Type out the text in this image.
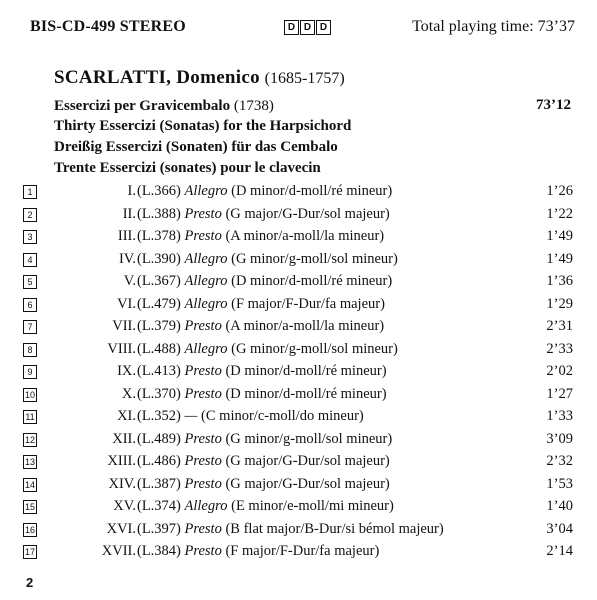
BIS-CD-499 STEREO	D D D	Total playing time: 73’37
SCARLATTI, Domenico (1685-1757)
Essercizi per Gravicembalo (1738)	73’12
Thirty Essercizi (Sonatas) for the Harpsichord
Dreißig Essercizi (Sonaten) für das Cembalo
Trente Essercizi (sonates) pour le clavecin
1	I. (L.366) Allegro (D minor/d-moll/ré mineur)	1’26
2	II. (L.388) Presto (G major/G-Dur/sol majeur)	1’22
3	III. (L.378) Presto (A minor/a-moll/la mineur)	1’49
4	IV. (L.390) Allegro (G minor/g-moll/sol mineur)	1’49
5	V. (L.367) Allegro (D minor/d-moll/ré mineur)	1’36
6	VI. (L.479) Allegro (F major/F-Dur/fa majeur)	1’29
7	VII. (L.379) Presto (A minor/a-moll/la mineur)	2’31
8	VIII. (L.488) Allegro (G minor/g-moll/sol mineur)	2’33
9	IX. (L.413) Presto (D minor/d-moll/ré mineur)	2’02
10	X. (L.370) Presto (D minor/d-moll/ré mineur)	1’27
11	XI. (L.352) — (C minor/c-moll/do mineur)	1’33
12	XII. (L.489) Presto (G minor/g-moll/sol mineur)	3’09
13	XIII. (L.486) Presto (G major/G-Dur/sol majeur)	2’32
14	XIV. (L.387) Presto (G major/G-Dur/sol majeur)	1’53
15	XV. (L.374) Allegro (E minor/e-moll/mi mineur)	1’40
16	XVI. (L.397) Presto (B flat major/B-Dur/si bémol majeur)	3’04
17	XVII. (L.384) Presto (F major/F-Dur/fa majeur)	2’14
2
